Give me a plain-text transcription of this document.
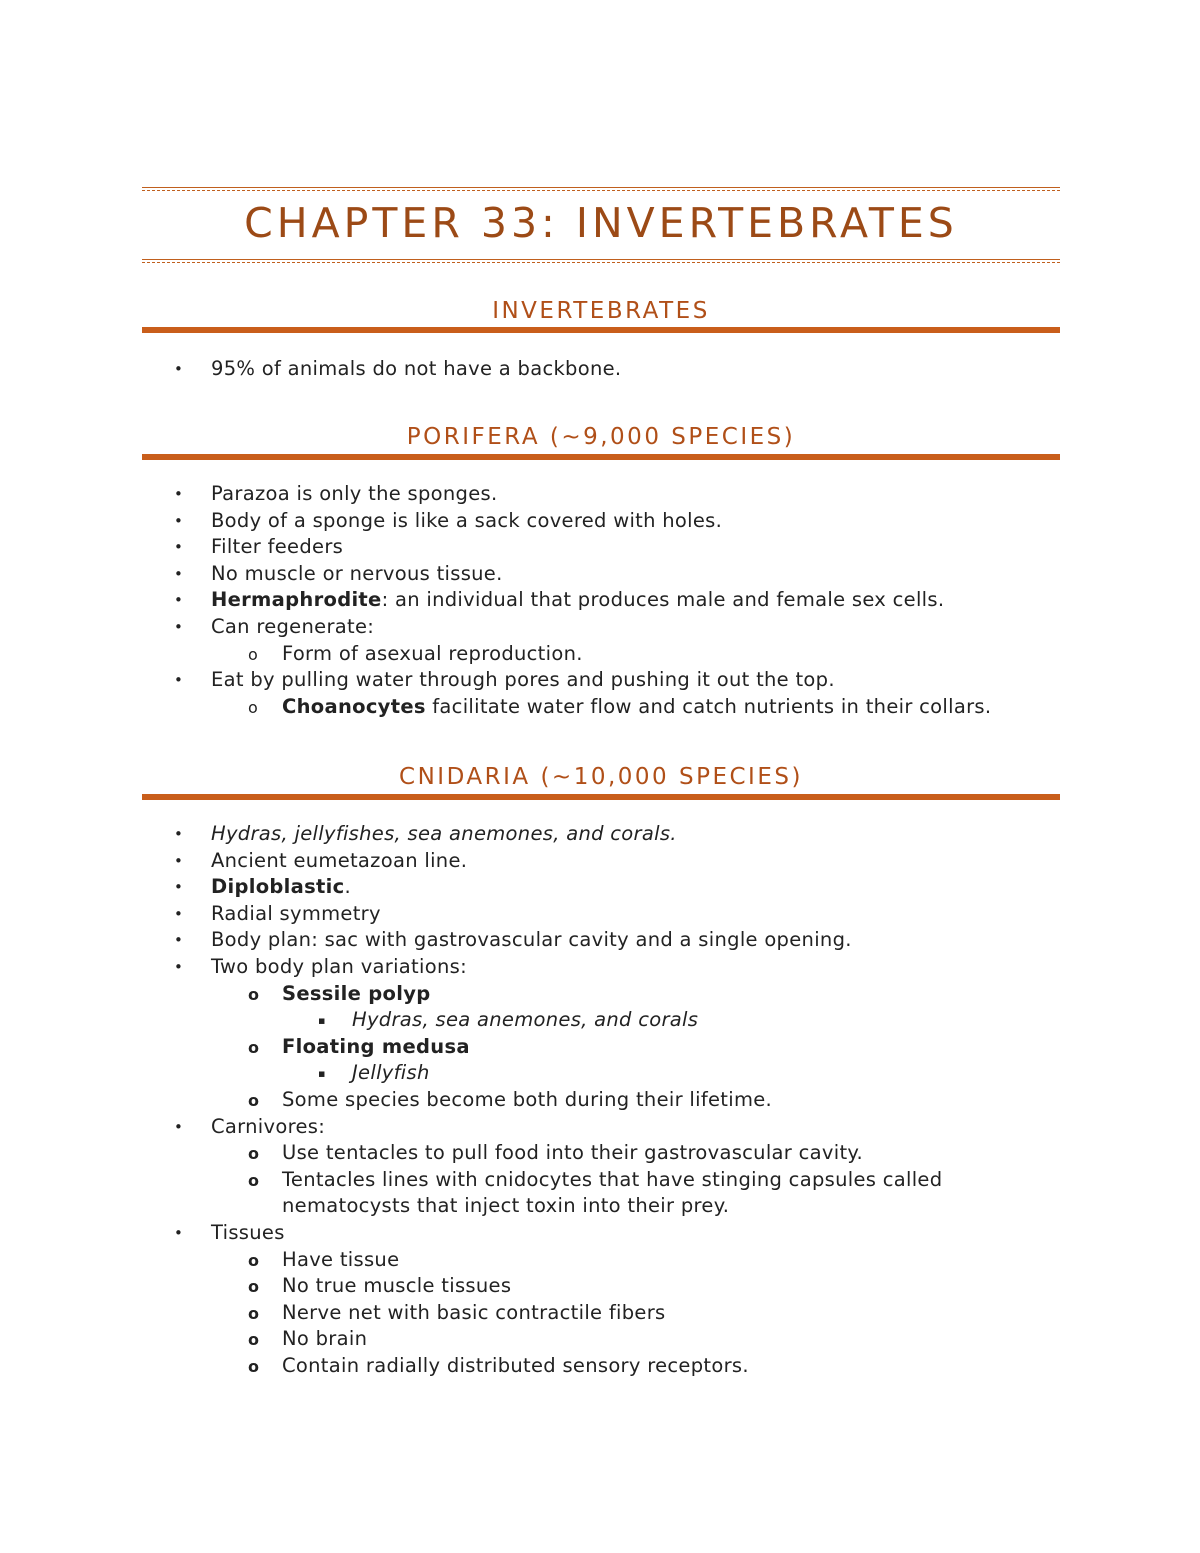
CHAPTER 33: INVERTEBRATES
INVERTEBRATES
• 95% of animals do not have a backbone.
PORIFERA (~9,000 SPECIES)
• Parazoa is only the sponges.
• Body of a sponge is like a sack covered with holes.
• Filter feeders
• No muscle or nervous tissue.
• Hermaphrodite: an individual that produces male and female sex cells.
• Can regenerate:
o Form of asexual reproduction.
• Eat by pulling water through pores and pushing it out the top.
o Choanocytes facilitate water flow and catch nutrients in their collars.
CNIDARIA (~10,000 SPECIES)
• Hydras, jellyfishes, sea anemones, and corals.
• Ancient eumetazoan line.
• Diploblastic.
• Radial symmetry
• Body plan: sac with gastrovascular cavity and a single opening.
• Two body plan variations:
o Sessile polyp
▪ Hydras, sea anemones, and corals
o Floating medusa
▪ Jellyfish
o Some species become both during their lifetime.
• Carnivores:
o Use tentacles to pull food into their gastrovascular cavity.
o Tentacles lines with cnidocytes that have stinging capsules called
nematocysts that inject toxin into their prey.
• Tissues
o Have tissue
o No true muscle tissues
o Nerve net with basic contractile fibers
o No brain
o Contain radially distributed sensory receptors.
